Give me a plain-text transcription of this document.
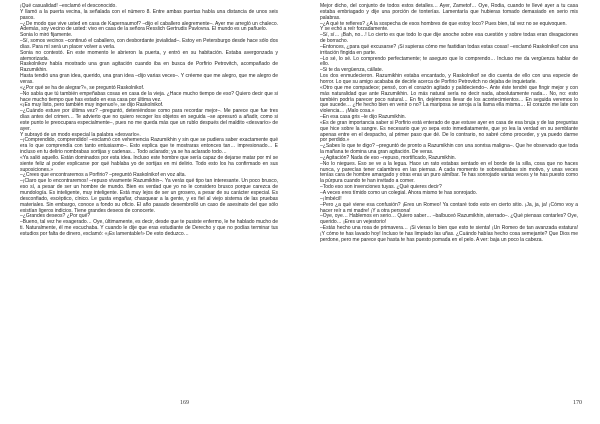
¡Qué casualidad! –exclamó el desconocido.

Y llamó a la puerta vecina, la señalada con el número 8. Entre ambas puertas había una distancia de unos seis pasos.

–¿De modo que vive usted en casa de Kapernaumof? –dijo el caballero alegremente–. Ayer me arregló un chaleco. Además, soy vecino de usted: vivo en casa de la señora Resslich Gertrudis Pavlovna. El mundo es un pañuelo.

Sonia lo miró fijamente.

–Sí, somos vecinos –continuó el caballero, con desbordante jovialidad–. Estoy en Petersburgo desde hace sólo dos días. Para mí será un placer volver a verla.

Sonia no contestó. En este momento le abrieron la puerta, y entró en su habitación. Estaba avergonzada y atemorizada.

Raskolnikov había mostrado una gran agitación cuando iba en busca de Porfirio Petrovitch, acompañado de Razumikhin.

Hasta tendió una gran idea, querido, una gran idea –dijo varias veces–. Y créeme que me alegro, que me alegro de veras.

«¿Por qué se ha de alegrar?», se preguntó Raskolnikof.

–No sabía que tú también empeñabas cosas en casa de la vieja. ¿Hace mucho tiempo de eso? Quiero decir que si hace mucho tiempo que has estado en esa casa por última vez.

«¡Es muy listo, pero también muy ingenuo!», se dijo Raskolnikof.

–¿Cuándo estuve por última vez? –preguntó, deteniéndose como para recordar mejor–. Me parece que fue tres días antes del crimen… Te advierto que no quiero recoger los objetos en seguida –se apresuró a añadir, como si este punto le preocupara especialmente–, pues no me queda más que un rublo después del maldito «desvarío» de ayer.

Y subrayó de un modo especial la palabra «desvarío».

–¡Comprendido, comprendido! –exclamó con vehemencia Razumikhin y sin que se pudiera saber exactamente qué era lo que comprendía con tanto entusiasmo–. Esto explica que te mostraras entonces tan… impresionado… E incluso en tu delirio nombrabas sortijas y cadenas… Todo aclarado; ya se ha aclarado todo…

«Ya salió aquello. Están dominados por esta idea. Incluso este hombre que sería capaz de dejarse matar por mí se siente feliz al poder explicarse por qué hablaba yo de sortijas en mi delirio. Todo esto los ha confirmado en sus suposiciones.»

–¿Crees que encontraremos a Porfirio? –preguntó Raskolnikof en voz alta.

–¡Claro que lo encontraremos! –repuso vivamente Razumikhin–. Ya verás qué tipo tan interesante. Un poco brusco, eso sí, a pesar de ser un hombre de mundo. Bien es verdad que yo no le considero brusco porque carezca de mundología. Es inteligente, muy inteligente. Está muy lejos de ser un grosero, a pesar de su carácter especial. Es desconfiado, escéptico, cínico. Le gusta engañar, chasquear a la gente, y es fiel al viejo sistema de las pruebas materiales. Sin embargo, conoce a fondo su oficio. El año pasado desembrolló un caso de asesinato del que sólo existían ligeros indicios. Tiene grandes deseos de conocerte.

–¿Grandes deseos? ¿Por qué?

–Bueno, tal vez he exagerado… Oye, últimamente, es decir, desde que te pusiste enfermo, le he hablado mucho de ti. Naturalmente, él me escuchaba. Y cuando le dije que eras estudiante de Derecho y que no podías terminar tus estudios por falta de dinero, exclamó: «¡Es lamentable!» De esto deduzco…

169

Mejor dicho, del conjunto de todos estos detalles… Ayer, Zametof… Oye, Rodia, cuando te llevé ayer a tu casa estaba embriagado y dije una porción de tonterías. Lamentaría que hubieras tomado demasiado en serio mis palabras.

–¿A qué te refieres? ¿A la sospecha de esos hombres de que estoy loco? Pues bien, tal vez no se equivoquen.

Y se echó a reír forzadamente.

–Sí, sí… ¡Bah, no…! Lo cierto es que todo lo que dije anoche sobre esa cuestión y sobre todas eran divagaciones de borracho.

–Entonces, ¿para qué excusarse? ¡Si supieras cómo me fastidian todas estas cosas! –exclamó Raskolnikof con una irritación fingida en parte.

–Lo sé, lo sé. Lo comprendo perfectamente; te aseguro que lo comprendo… Incluso me da vergüenza hablar de ello.

–Si te da vergüenza, cállate.

Los dos enmudecieron. Razumikhin estaba encantado, y Raskolnikof se dio cuenta de ello con una especie de horror. Lo que su amigo acababa de decirle acerca de Porfirio Petrovitch no dejaba de inquietarle.

«Otro que me compadece; pensó, con el corazón agitado y palideciendo–. Ante éste tendré que fingir mejor y con más naturalidad que ante Razumikhin. Lo más natural sería no decir nada, absolutamente nada… No, no: esto también podría parecer poco natural… En fin, dejémonos llevar de los acontecimientos… En seguida veremos lo que sucede… ¿He hecho bien en venir o no? La mariposa se arroja a la llama ella misma… El corazón me late con violencia… ¡Malo cosa.»

–En esa casa gris –le dijo Razumikhin.

«Es de gran importancia saber si Porfirio está enterado de que estuve ayer en casa de esa bruja y de las preguntas que hice sobre la sangre. Es necesario que yo sepa esto inmediatamente, que yo lea la verdad en su semblante apenas entre en el despacho, al primer paso que dé. De lo contrario, no sabré cómo proceder, y ya puedo darme por perdido.»

–¿Sabes lo que te digo? –preguntó de pronto a Razumikhin con una sonrisa maligna–. Que he observado que toda la mañana te domina una gran agitación. De veras.

–¿Agitación? Nada de eso –repuso, mortificado, Razumikhin.

–No lo niegues. Eso se ve a la legua. Hace un rato estabas sentado en el borde de la silla, cosa que no haces nunca, y parecías tener calambres en las piernas. A cada momento te sobresaltabas sin motivo, y unas veces tenías cara de hombre amargado y otras eras un puro almíbar. Te has sonrojado varias veces y te has puesto como la púrpura cuando te han invitado a comer.

–Todo eso son invenciones tuyas. ¿Qué quieres decir?

–A veces eres tímido como un colegial. Ahora mismo te has sonrojado.

–¡Imbécil!

–Pero ¿a qué viene esa confusión? ¡Eres un Romeo! Ya contaré todo esto en cierto sitio. ¡Ja, ja, ja! ¡Cómo voy a hacer reír a mi madre! ¡Y a otra persona!

–Oye, oye… Hablemos en serio… Quiero saber… –balbuceó Razumikhin, aterrado–. ¿Qué piensas contarles? Oye, querido… ¡Eres un vejestorio!

–Estás hecho una rosa de primavera… ¡Si vieras lo bien que esto te sienta! ¡Un Romeo de tan avanzada estatura! ¡Y cómo te has lavado hoy! Incluso te has limpiado las uñas. ¿Cuándo habías hecho cosa semejante? Que Dios me perdone, pero me parece que hasta te has puesto pomada en el pelo. A ver: baja un poco la cabeza.

170
